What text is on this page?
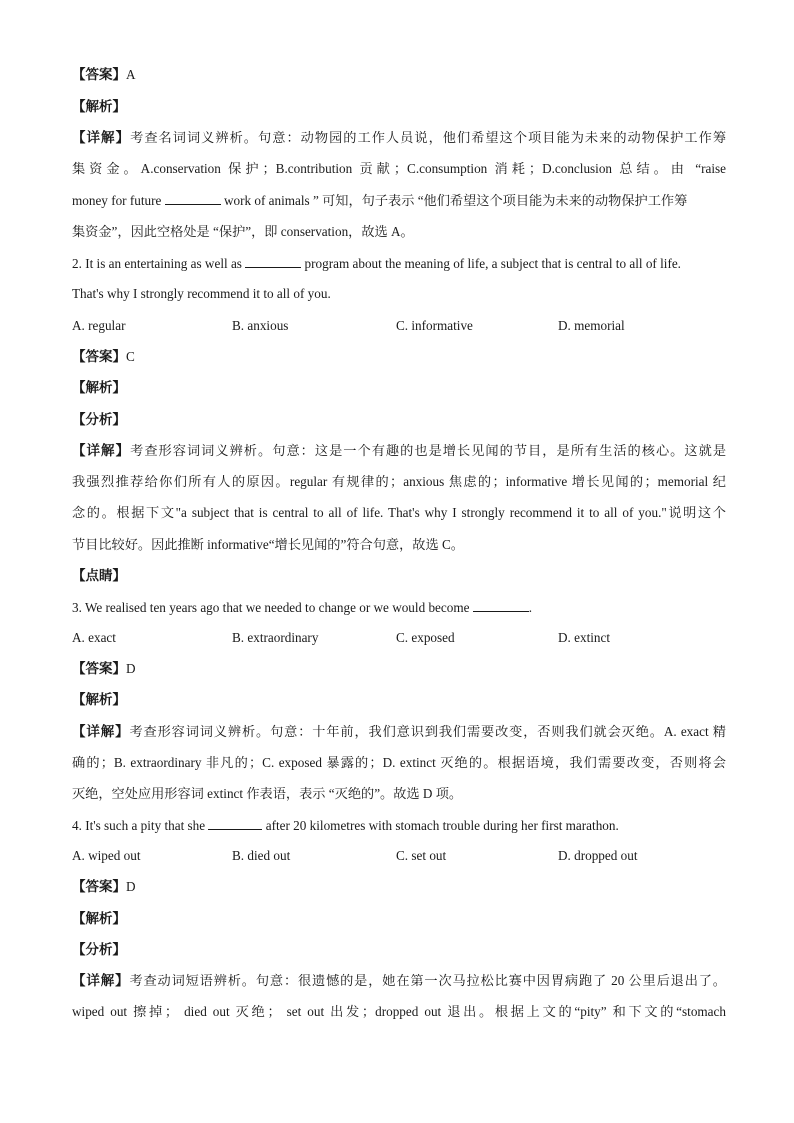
【答案】A
【解析】
【详解】考查名词词义辨析。句意：动物园的工作人员说，他们希望这个项目能为未来的动物保护工作筹
集资金。A.conservation 保护；B.contribution 贡献；C.consumption 消耗；D.conclusion 总结。由 “raise
money for future	work of animals ” 可知，句子表示 “他们希望这个项目能为未来的动物保护工作筹
集资金”，因此空格处是 “保护”，即 conservation，故选 A。
2. It is an entertaining as well as	program about the meaning of life, a subject that is central to all of life.
That's why I strongly recommend it to all of you.
A. regular	B. anxious	C. informative	D. memorial
【答案】C
【解析】
【分析】
【详解】考查形容词词义辨析。句意：这是一个有趣的也是增长见闻的节目，是所有生活的核心。这就是
我强烈推荐给你们所有人的原因。regular 有规律的；anxious 焦虑的；informative 增长见闻的；memorial 纪
念的。根据下文"a subject that is central to all of life. That's why I strongly recommend it to all of you."说明这个
节目比较好。因此推断 informative“增长见闻的”符合句意，故选 C。
【点睛】
3. We realised ten years ago that we needed to change or we would become	.
A. exact	B. extraordinary	C. exposed	D. extinct
【答案】D
【解析】
【详解】考查形容词词义辨析。句意：十年前，我们意识到我们需要改变，否则我们就会灭绝。A. exact 精
确的；B. extraordinary 非凡的；C. exposed 暴露的；D. extinct 灭绝的。根据语境，我们需要改变，否则将会
灭绝，空处应用形容词 extinct 作表语，表示 “灭绝的”。故选 D 项。
4. It's such a pity that she	after 20 kilometres with stomach trouble during her first marathon.
A. wiped out	B. died out	C. set out	D. dropped out
【答案】D
【解析】
【分析】
【详解】考查动词短语辨析。句意：很遗憾的是，她在第一次马拉松比赛中因胃病跑了 20 公里后退出了。
wiped out 擦掉； died out 灭绝； set out 出发；dropped out 退出。根据上文的“pity” 和下文的“stomach
